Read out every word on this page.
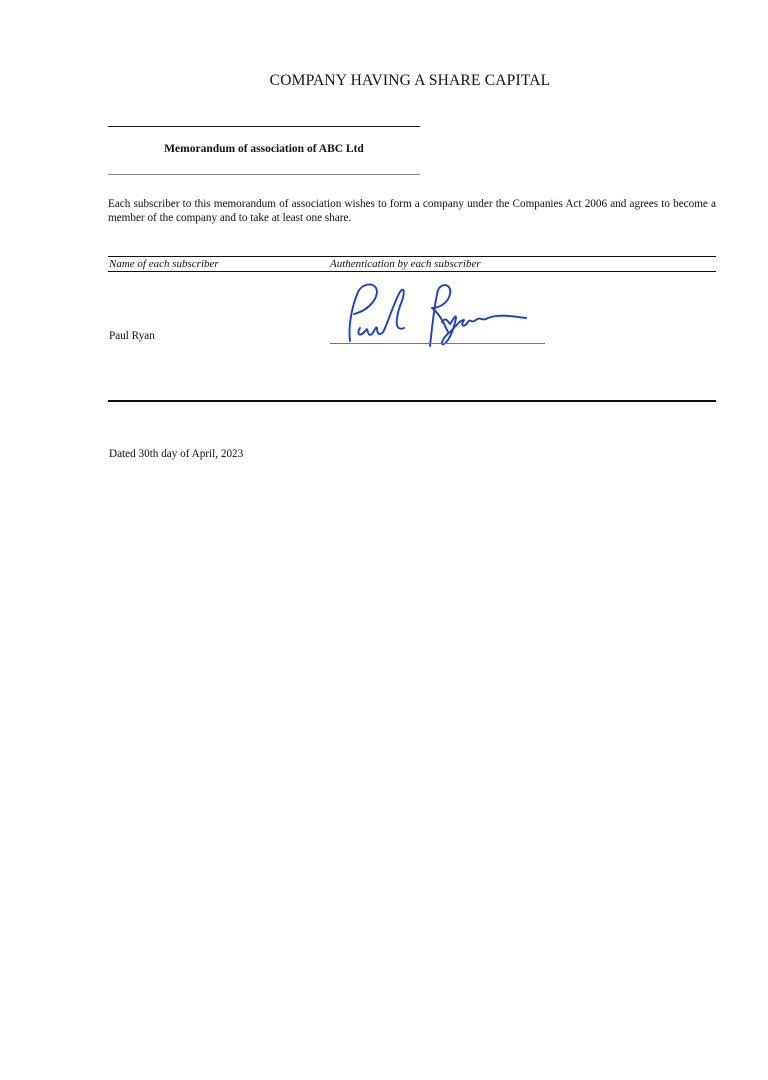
COMPANY HAVING A SHARE CAPITAL
Memorandum of association of ABC Ltd
Each subscriber to this memorandum of association wishes to form a company under the Companies Act 2006 and agrees to become a member of the company and to take at least one share.
Name of each subscriber	Authentication by each subscriber
Paul Ryan
Dated 30th day of April, 2023
